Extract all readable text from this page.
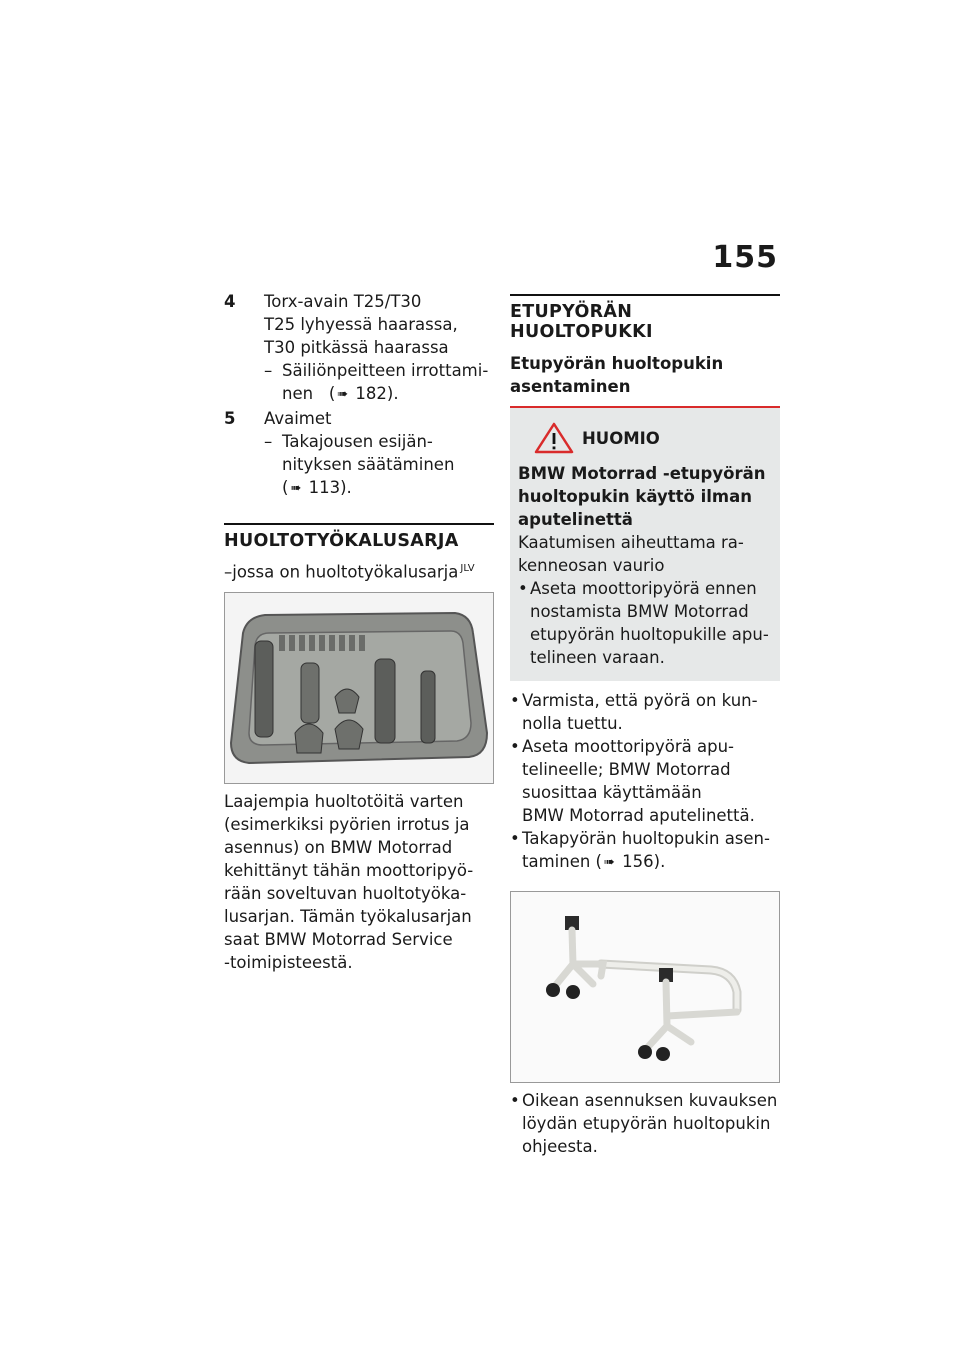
155
4 Torx-avain T25/T30
T25 lyhyessä haarassa,
T30 pitkässä haarassa
– Säiliönpeitteen irrottami-
nen   ( ➠ 182).
5 Avaimet
– Takajousen esijän-
nityksen säätäminen
( ➠ 113).
HUOLTOTYÖKALUSARJA
–jossa on huoltotyökalusarja $^{JLV}$
Laajempia huoltotöitä varten
(esimerkiksi pyörien irrotus ja
asennus) on BMW Motorrad
kehittänyt tähän moottoripyö-
rään soveltuvan huoltotyöka-
lusarjan. Tämän työkalusarjan
saat BMW Motorrad Service
-toimipisteestä.
ETUPYÖRÄN HUOLTOPUKKI
Etupyörän huoltopukin
asentaminen
HUOMIO
BMW Motorrad -etupyörän
huoltopukin käyttö ilman
aputelinettä
Kaatumisen aiheuttama ra-
kenneosan vaurio
• Aseta moottoripyörä ennen
nostamista BMW Motorrad
etupyörän huoltopukille apu-
telineen varaan.
• Varmista, että pyörä on kun-
nolla tuettu.
• Aseta moottoripyörä apu-
telineelle; BMW Motorrad
suosittaa käyttämään
BMW Motorrad aputelinettä.
• Takapyörän huoltopukin asen-
taminen ( ➠ 156).
• Oikean asennuksen kuvauksen
löydän etupyörän huoltopukin
ohjeesta.
